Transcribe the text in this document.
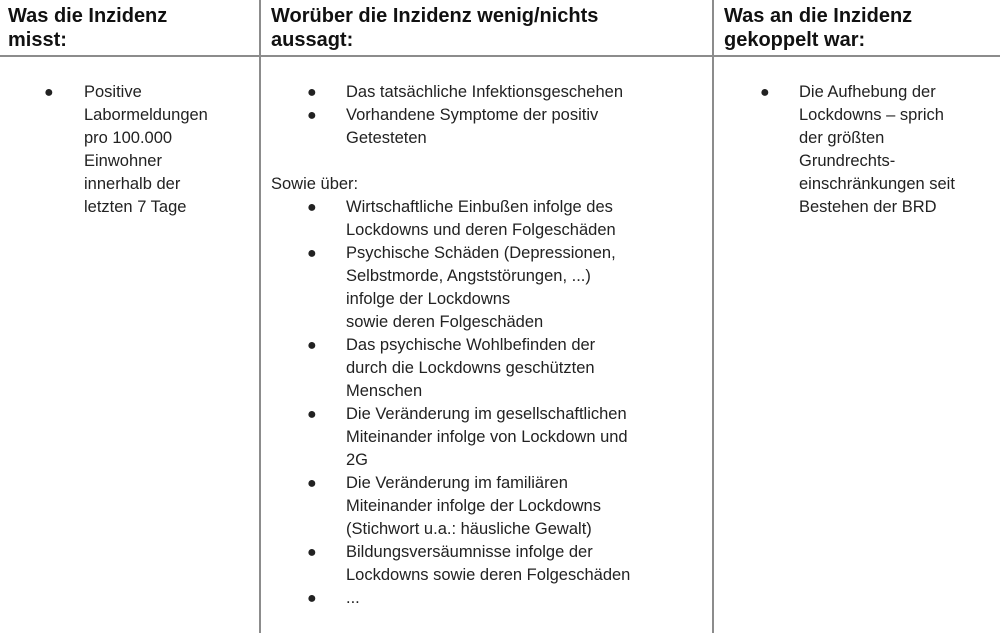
Was die Inzidenz
misst:
Worüber die Inzidenz wenig/nichts
aussagt:
Was an die Inzidenz
gekoppelt war:
● Positive
Labormeldungen
pro 100.000
Einwohner
innerhalb der
letzten 7 Tage
● Das tatsächliche Infektionsgeschehen
● Vorhandene Symptome der positiv
Getesteten
Sowie über:
● Wirtschaftliche Einbußen infolge des
Lockdowns und deren Folgeschäden
● Psychische Schäden (Depressionen,
Selbstmorde, Angststörungen, ...)
infolge der Lockdowns
sowie deren Folgeschäden
● Das psychische Wohlbefinden der
durch die Lockdowns geschützten
Menschen
● Die Veränderung im gesellschaftlichen
Miteinander infolge von Lockdown und
2G
● Die Veränderung im familiären
Miteinander infolge der Lockdowns
(Stichwort u.a.: häusliche Gewalt)
● Bildungsversäumnisse infolge der
Lockdowns sowie deren Folgeschäden
● ...
● Die Aufhebung der
Lockdowns – sprich
der größten
Grundrechts-
einschränkungen seit
Bestehen der BRD
